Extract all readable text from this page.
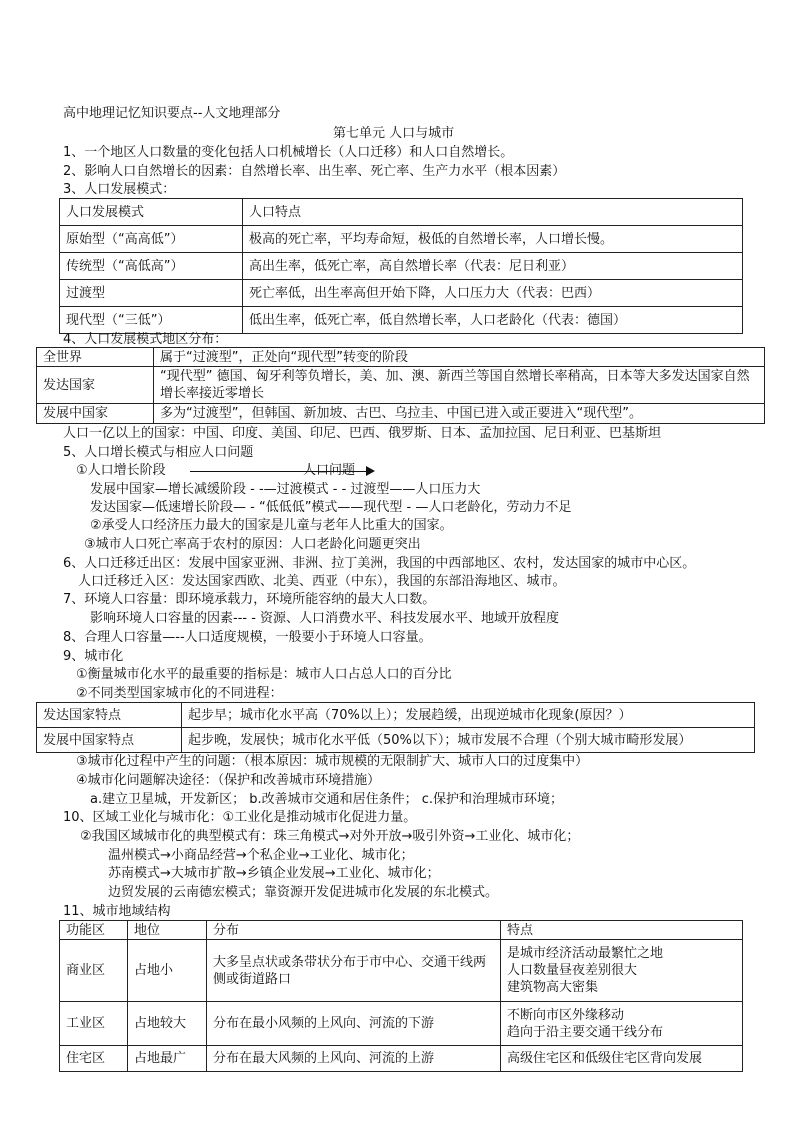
高中地理记忆知识要点--人文地理部分
第七单元 人口与城市
1、一个地区人口数量的变化包括人口机械增长（人口迁移）和人口自然增长。
2、影响人口自然增长的因素：自然增长率、出生率、死亡率、生产力水平（根本因素）
3、人口发展模式：
人口发展模式	人口特点
原始型（“高高低”）	极高的死亡率，平均寿命短，极低的自然增长率，人口增长慢。
传统型（“高低高”）	高出生率，低死亡率，高自然增长率（代表：尼日利亚）
过渡型	死亡率低，出生率高但开始下降，人口压力大（代表：巴西）
现代型（“三低”）	低出生率，低死亡率，低自然增长率，人口老龄化（代表：德国）
4、人口发展模式地区分布：
全世界	属于“过渡型”，正处向“现代型”转变的阶段
发达国家	“现代型” 德国、匈牙利等负增长，美、加、澳、新西兰等国自然增长率稍高，日本等大多发达国家自然增长率接近零增长
发展中国家	多为“过渡型”，但韩国、新加坡、古巴、乌拉圭、中国已进入或正要进入“现代型”。
人口一亿以上的国家：中国、印度、美国、印尼、巴西、俄罗斯、日本、孟加拉国、尼日利亚、巴基斯坦
5、人口增长模式与相应人口问题
①人口增长阶段	人口问题
发展中国家—增长减缓阶段 - -—过渡模式 - - 过渡型——人口压力大
发达国家—低速增长阶段— - “低低低”模式——现代型 - —人口老龄化，劳动力不足
②承受人口经济压力最大的国家是儿童与老年人比重大的国家。
③城市人口死亡率高于农村的原因：人口老龄化问题更突出
6、人口迁移迁出区：发展中国家亚洲、非洲、拉丁美洲，我国的中西部地区、农村，发达国家的城市中心区。
人口迁移迁入区：发达国家西欧、北美、西亚（中东），我国的东部沿海地区、城市。
7、环境人口容量：即环境承载力，环境所能容纳的最大人口数。
影响环境人口容量的因素--- - 资源、人口消费水平、科技发展水平、地域开放程度
8、合理人口容量—--人口适度规模，一般要小于环境人口容量。
9、城市化
①衡量城市化水平的最重要的指标是：城市人口占总人口的百分比
②不同类型国家城市化的不同进程：
发达国家特点	起步早；城市化水平高（70%以上）；发展趋缓，出现逆城市化现象(原因？）
发展中国家特点	起步晚，发展快；城市化水平低（50%以下）；城市发展不合理（个别大城市畸形发展）
③城市化过程中产生的问题：（根本原因：城市规模的无限制扩大、城市人口的过度集中）
④城市化问题解决途径：（保护和改善城市环境措施）
a.建立卫星城，开发新区； b.改善城市交通和居住条件； c.保护和治理城市环境；
10、区域工业化与城市化：①工业化是推动城市化促进力量。
②我国区域城市化的典型模式有：珠三角模式→对外开放→吸引外资→工业化、城市化；
温州模式→小商品经营→个私企业→工业化、城市化；
苏南模式→大城市扩散→乡镇企业发展→工业化、城市化；
边贸发展的云南德宏模式；靠资源开发促进城市化发展的东北模式。
11、城市地域结构
功能区	地位	分布	特点
商业区	占地小	大多呈点状或条带状分布于市中心、交通干线两侧或街道路口	是城市经济活动最繁忙之地
人口数量昼夜差别很大
建筑物高大密集

工业区	占地较大	分布在最小风频的上风向、河流的下游	不断向市区外缘移动
趋向于沿主要交通干线分布

住宅区	占地最广	分布在最大风频的上风向、河流的上游	高级住宅区和低级住宅区背向发展
